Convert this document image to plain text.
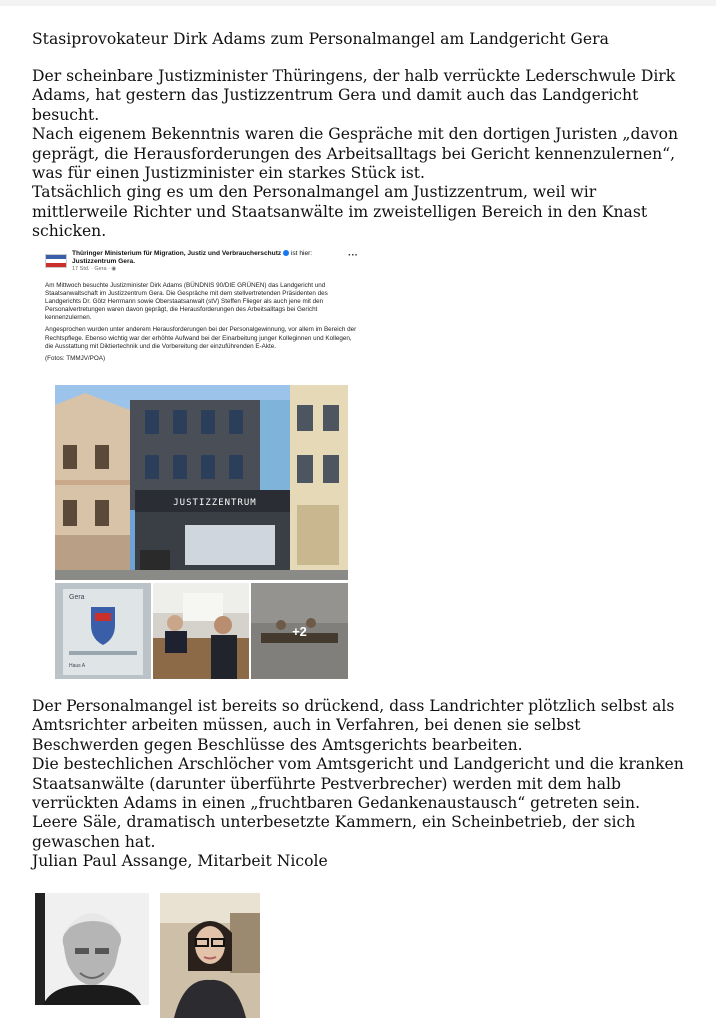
Stasiprovokateur Dirk Adams zum Personalmangel am Landgericht Gera

Der scheinbare Justizminister Thüringens, der halb verrückte Lederschwule Dirk Adams, hat gestern das Justizzentrum Gera und damit auch das Landgericht besucht.

Nach eigenem Bekenntnis waren die Gespräche mit den dortigen Juristen „davon geprägt, die Herausforderungen des Arbeitsalltags bei Gericht kennenzulernen“, was für einen Justizminister ein starkes Stück ist.

Tatsächlich ging es um den Personalmangel am Justizzentrum, weil wir mittlerweile Richter und Staatsanwälte im zweistelligen Bereich in den Knast schicken.

Thüringer Ministerium für Migration, Justiz und Verbraucherschutz ist hier: Justizzentrum Gera.
17 Std. · Gera · ◉
···

Am Mittwoch besuchte Justizminister Dirk Adams (BÜNDNIS 90/DIE GRÜNEN) das Landgericht und Staatsanwaltschaft im Justizzentrum Gera. Die Gespräche mit dem stellvertretenden Präsidenten des Landgerichts Dr. Götz Herrmann sowie Oberstaatsanwalt (stV) Steffen Flieger als auch jene mit den Personalvertretungen waren davon geprägt, die Herausforderungen des Arbeitsalltags bei Gericht kennenzulernen.

Angesprochen wurden unter anderem Herausforderungen bei der Personalgewinnung, vor allem im Bereich der Rechtspflege. Ebenso wichtig war der erhöhte Aufwand bei der Einarbeitung junger Kolleginnen und Kollegen, die Ausstattung mit Diktiertechnik und die Vorbereitung der einzuführenden E-Akte.

(Fotos: TMMJV/POA)

JUSTIZZENTRUM
Gera
Haus A
+2

Der Personalmangel ist bereits so drückend, dass Landrichter plötzlich selbst als Amtsrichter arbeiten müssen, auch in Verfahren, bei denen sie selbst Beschwerden gegen Beschlüsse des Amtsgerichts bearbeiten.

Die bestechlichen Arschlöcher vom Amtsgericht und Landgericht und die kranken Staatsanwälte (darunter überführte Pestverbrecher) werden mit dem halb verrückten Adams in einen „fruchtbaren Gedankenaustausch“ getreten sein.

Leere Säle, dramatisch unterbesetzte Kammern, ein Scheinbetrieb, der sich gewaschen hat.

Julian Paul Assange, Mitarbeit Nicole
